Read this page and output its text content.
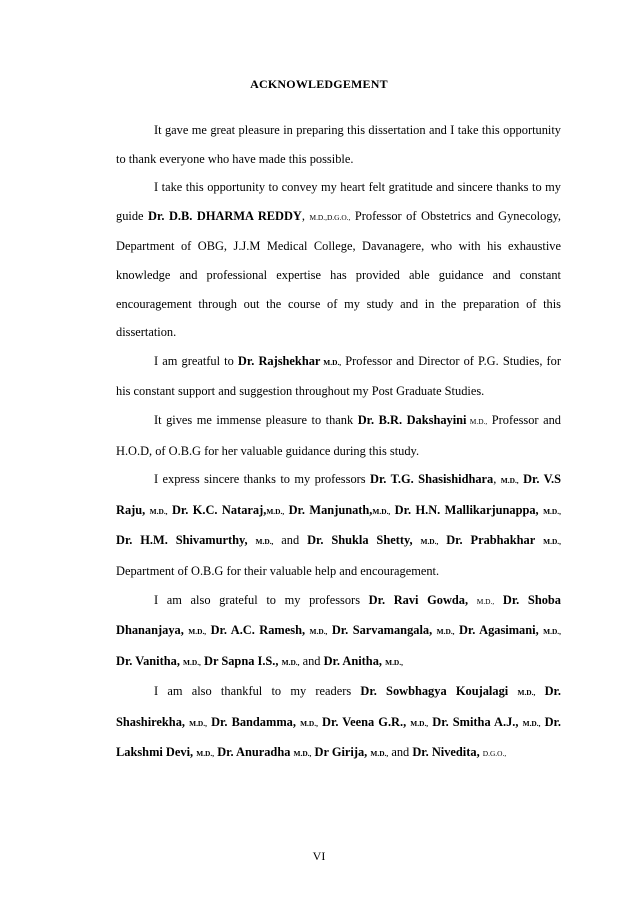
ACKNOWLEDGEMENT

It gave me great pleasure in preparing this dissertation and I take this opportunity to thank everyone who have made this possible.

I take this opportunity to convey my heart felt gratitude and sincere thanks to my guide Dr. D.B. DHARMA REDDY, M.D.,D.G.O., Professor of Obstetrics and Gynecology, Department of OBG, J.J.M Medical College, Davanagere, who with his exhaustive knowledge and professional expertise has provided able guidance and constant encouragement through out the course of my study and in the preparation of this dissertation.

I am greatful to Dr. Rajshekhar M.D., Professor and Director of P.G. Studies, for his constant support and suggestion throughout my Post Graduate Studies.

It gives me immense pleasure to thank Dr. B.R. Dakshayini M.D., Professor and H.O.D, of O.B.G for her valuable guidance during this study.

I express sincere thanks to my professors Dr. T.G. Shasishidhara, M.D., Dr. V.S Raju, M.D., Dr. K.C. Nataraj,M.D., Dr. Manjunath,M.D., Dr. H.N. Mallikarjunappa, M.D., Dr. H.M. Shivamurthy, M.D., and Dr. Shukla Shetty, M.D., Dr. Prabhakhar M.D., Department of O.B.G for their valuable help and encouragement.

I am also grateful to my professors Dr. Ravi Gowda, M.D., Dr. Shoba Dhananjaya, M.D., Dr. A.C. Ramesh, M.D., Dr. Sarvamangala, M.D., Dr. Agasimani, M.D., Dr. Vanitha, M.D., Dr Sapna I.S., M.D., and Dr. Anitha, M.D.,

I am also thankful to my readers Dr. Sowbhagya Koujalagi M.D., Dr. Shashirekha, M.D., Dr. Bandamma, M.D., Dr. Veena G.R., M.D., Dr. Smitha A.J., M.D., Dr. Lakshmi Devi, M.D., Dr. Anuradha M.D., Dr Girija, M.D., and Dr. Nivedita, D.G.O.,

VI
